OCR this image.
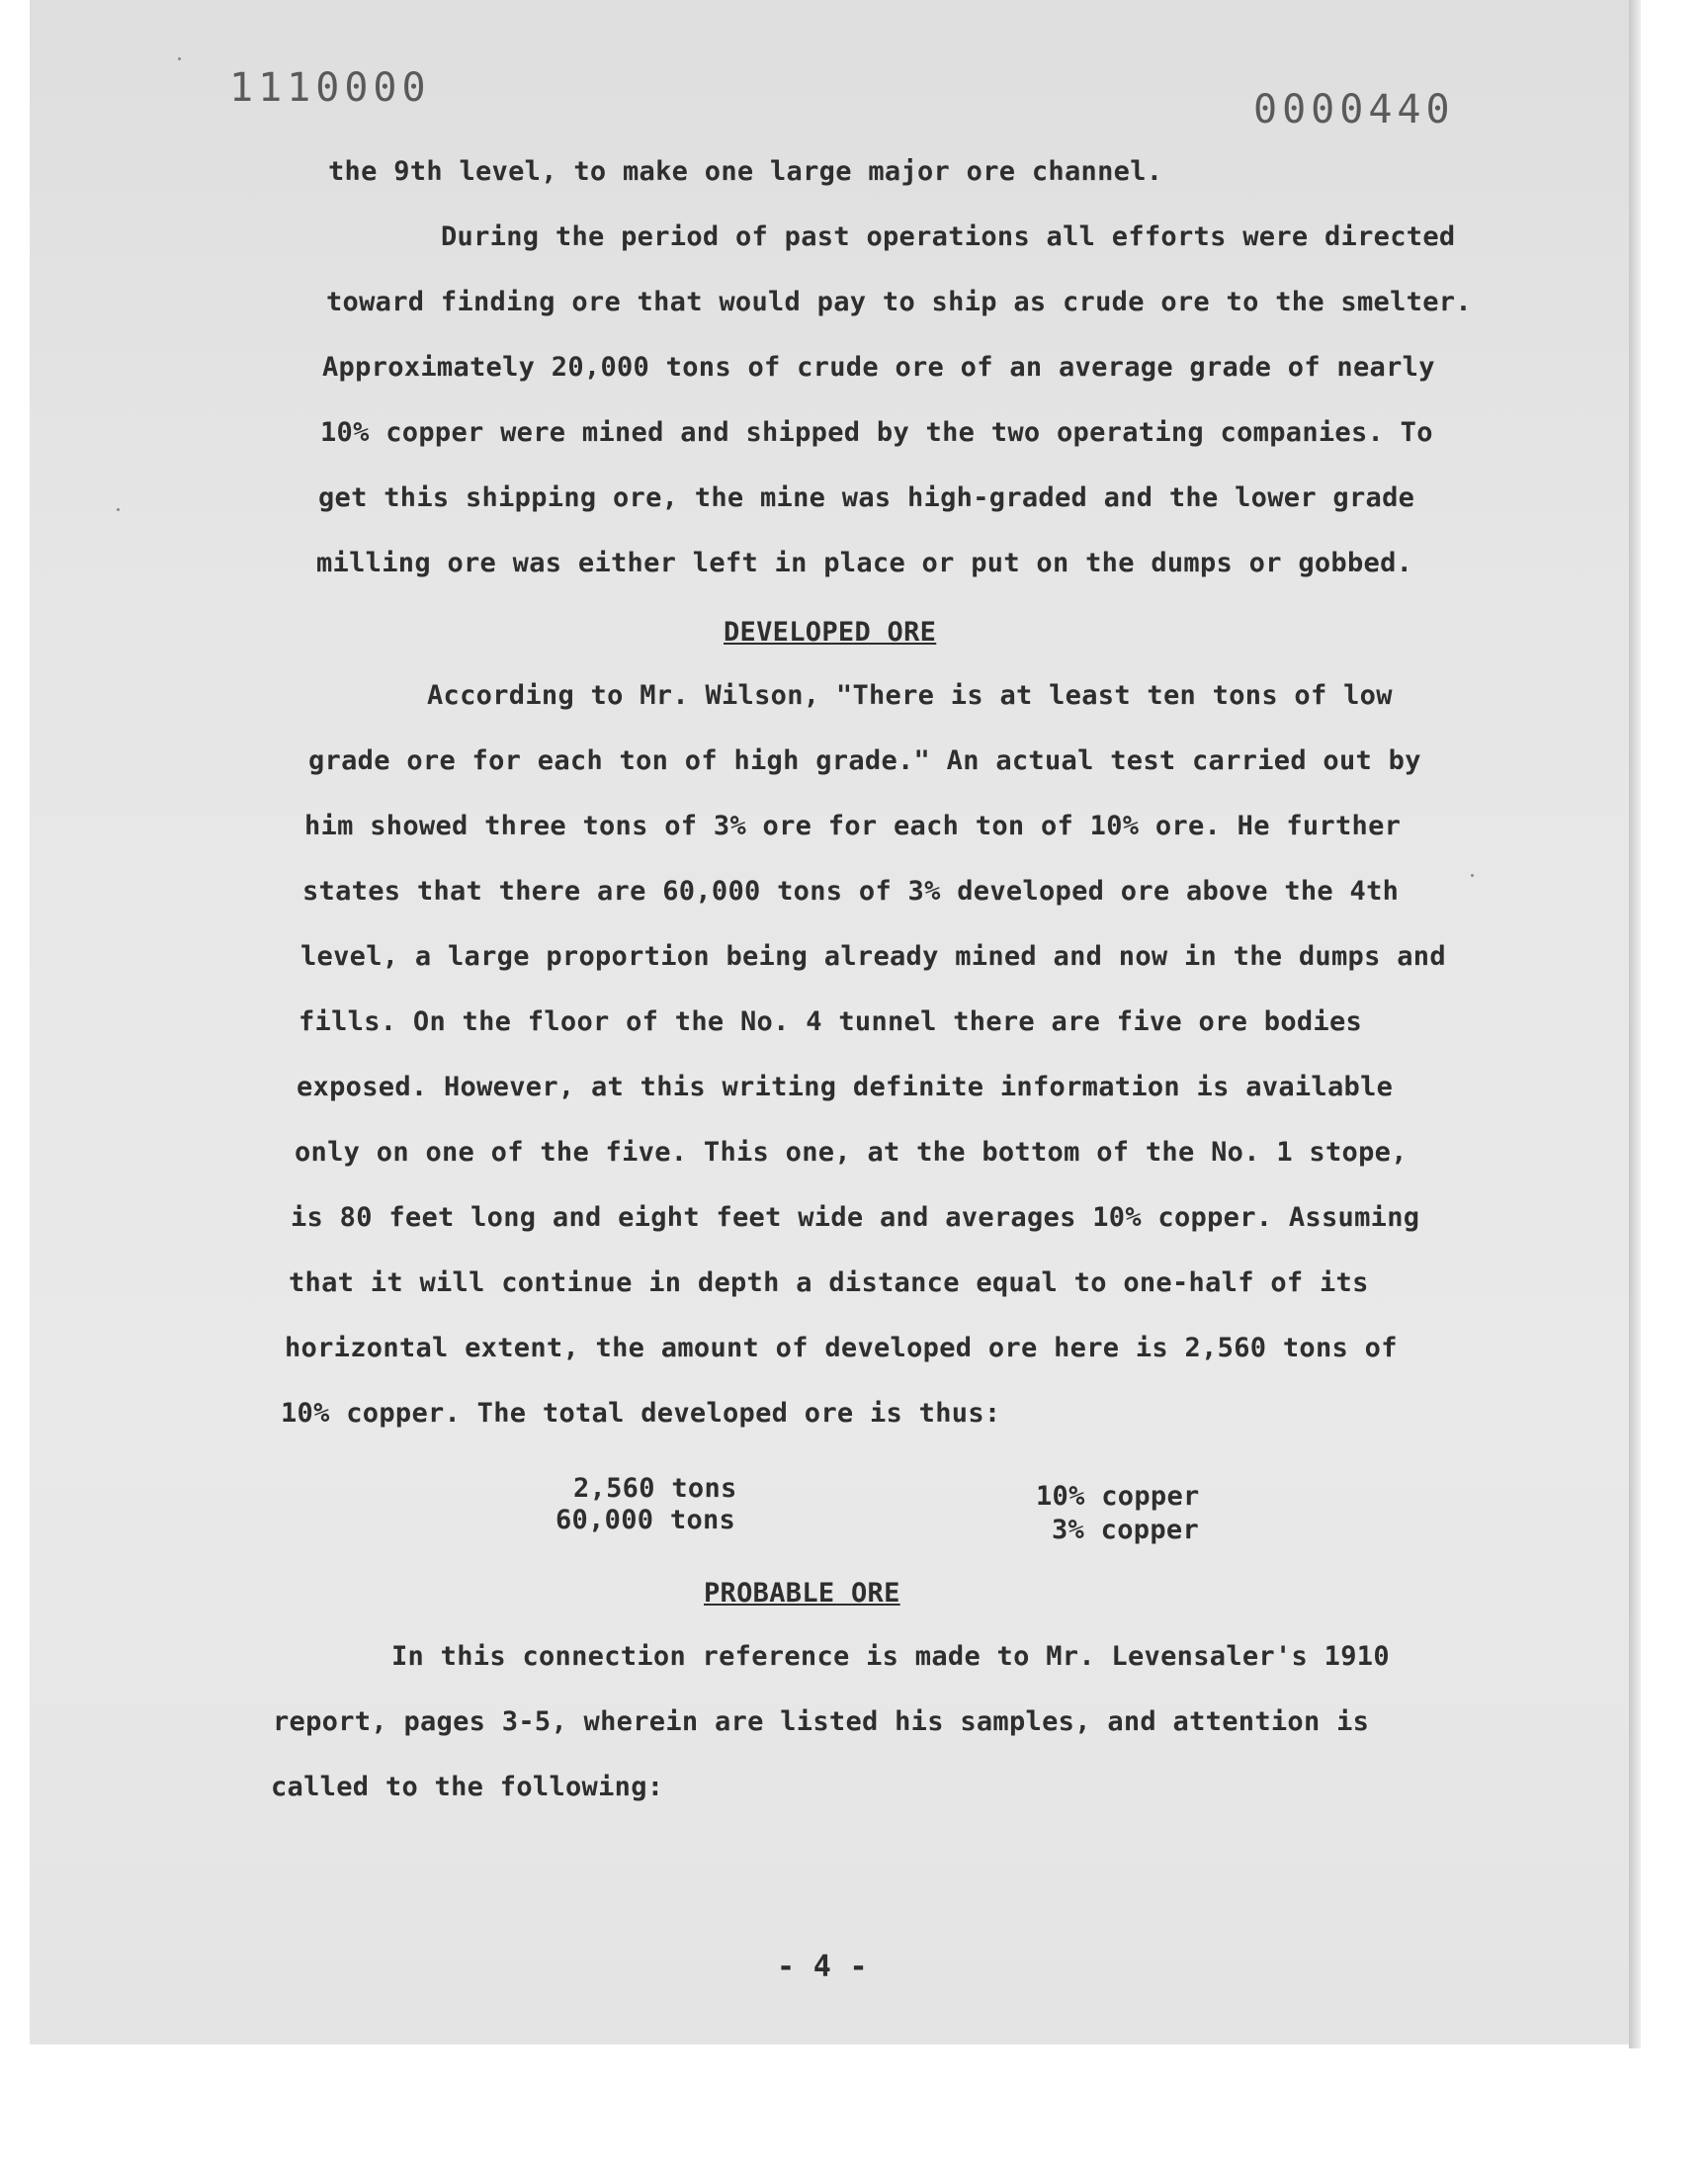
1110000	0000440
the 9th level, to make one large major ore channel.
During the period of past operations all efforts were directed
toward finding ore that would pay to ship as crude ore to the smelter.
Approximately 20,000 tons of crude ore of an average grade of nearly
10% copper were mined and shipped by the two operating companies. To
get this shipping ore, the mine was high-graded and the lower grade
milling ore was either left in place or put on the dumps or gobbed.
DEVELOPED ORE
According to Mr. Wilson, "There is at least ten tons of low
grade ore for each ton of high grade." An actual test carried out by
him showed three tons of 3% ore for each ton of 10% ore. He further
states that there are 60,000 tons of 3% developed ore above the 4th
level, a large proportion being already mined and now in the dumps and
fills. On the floor of the No. 4 tunnel there are five ore bodies
exposed. However, at this writing definite information is available
only on one of the five. This one, at the bottom of the No. 1 stope,
is 80 feet long and eight feet wide and averages 10% copper. Assuming
that it will continue in depth a distance equal to one-half of its
horizontal extent, the amount of developed ore here is 2,560 tons of
10% copper. The total developed ore is thus:
2,560 tons	10% copper
60,000 tons	3% copper
PROBABLE ORE
In this connection reference is made to Mr. Levensaler's 1910
report, pages 3-5, wherein are listed his samples, and attention is
called to the following:
- 4 -
